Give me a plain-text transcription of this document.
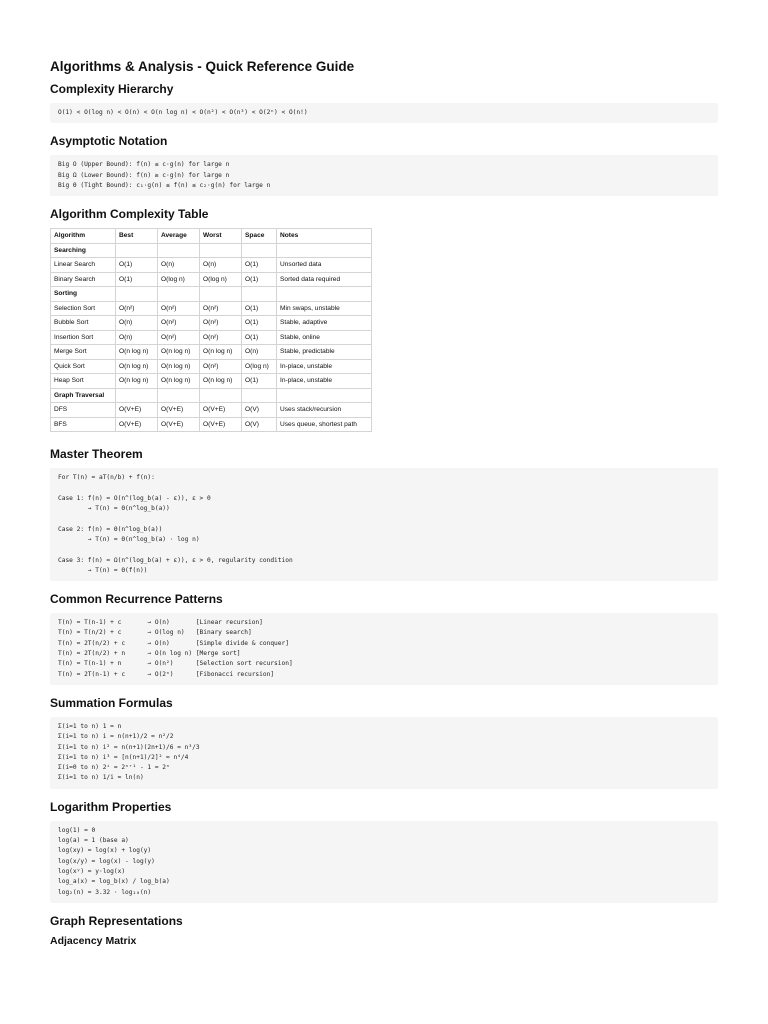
Algorithms & Analysis - Quick Reference Guide
Complexity Hierarchy
O(1) < O(log n) < O(n) < O(n log n) < O(n²) < O(n³) < O(2ⁿ) < O(n!)
Asymptotic Notation
Big O (Upper Bound): f(n) ≤ c·g(n) for large n
Big Ω (Lower Bound): f(n) ≥ c·g(n) for large n
Big Θ (Tight Bound): c₁·g(n) ≤ f(n) ≤ c₂·g(n) for large n
Algorithm Complexity Table
Algorithm	Best	Average	Worst	Space	Notes
Searching					
Linear Search	O(1)	O(n)	O(n)	O(1)	Unsorted data
Binary Search	O(1)	O(log n)	O(log n)	O(1)	Sorted data required
Sorting					
Selection Sort	O(n²)	O(n²)	O(n²)	O(1)	Min swaps, unstable
Bubble Sort	O(n)	O(n²)	O(n²)	O(1)	Stable, adaptive
Insertion Sort	O(n)	O(n²)	O(n²)	O(1)	Stable, online
Merge Sort	O(n log n)	O(n log n)	O(n log n)	O(n)	Stable, predictable
Quick Sort	O(n log n)	O(n log n)	O(n²)	O(log n)	In-place, unstable
Heap Sort	O(n log n)	O(n log n)	O(n log n)	O(1)	In-place, unstable
Graph Traversal					
DFS	O(V+E)	O(V+E)	O(V+E)	O(V)	Uses stack/recursion
BFS	O(V+E)	O(V+E)	O(V+E)	O(V)	Uses queue, shortest path
Master Theorem
For T(n) = aT(n/b) + f(n):

Case 1: f(n) = O(n^(log_b(a) - ε)), ε > 0
→ T(n) = Θ(n^log_b(a))

Case 2: f(n) = Θ(n^log_b(a))
→ T(n) = Θ(n^log_b(a) · log n)

Case 3: f(n) = Ω(n^(log_b(a) + ε)), ε > 0, regularity condition
→ T(n) = Θ(f(n))
Common Recurrence Patterns
T(n) = T(n-1) + c       → O(n)       [Linear recursion]
T(n) = T(n/2) + c       → O(log n)   [Binary search]
T(n) = 2T(n/2) + c      → O(n)       [Simple divide & conquer]
T(n) = 2T(n/2) + n      → O(n log n) [Merge sort]
T(n) = T(n-1) + n       → O(n²)      [Selection sort recursion]
T(n) = 2T(n-1) + c      → O(2ⁿ)      [Fibonacci recursion]
Summation Formulas
Σ(i=1 to n) 1 = n
Σ(i=1 to n) i = n(n+1)/2 ≈ n²/2
Σ(i=1 to n) i² = n(n+1)(2n+1)/6 ≈ n³/3
Σ(i=1 to n) i³ = [n(n+1)/2]² ≈ n⁴/4
Σ(i=0 to n) 2ⁱ = 2ⁿ⁺¹ - 1 ≈ 2ⁿ
Σ(i=1 to n) 1/i ≈ ln(n)
Logarithm Properties
log(1) = 0
log(a) = 1 (base a)
log(xy) = log(x) + log(y)
log(x/y) = log(x) - log(y)
log(xʸ) = y·log(x)
log_a(x) = log_b(x) / log_b(a)
log₂(n) = 3.32 · log₁₀(n)
Graph Representations
Adjacency Matrix
